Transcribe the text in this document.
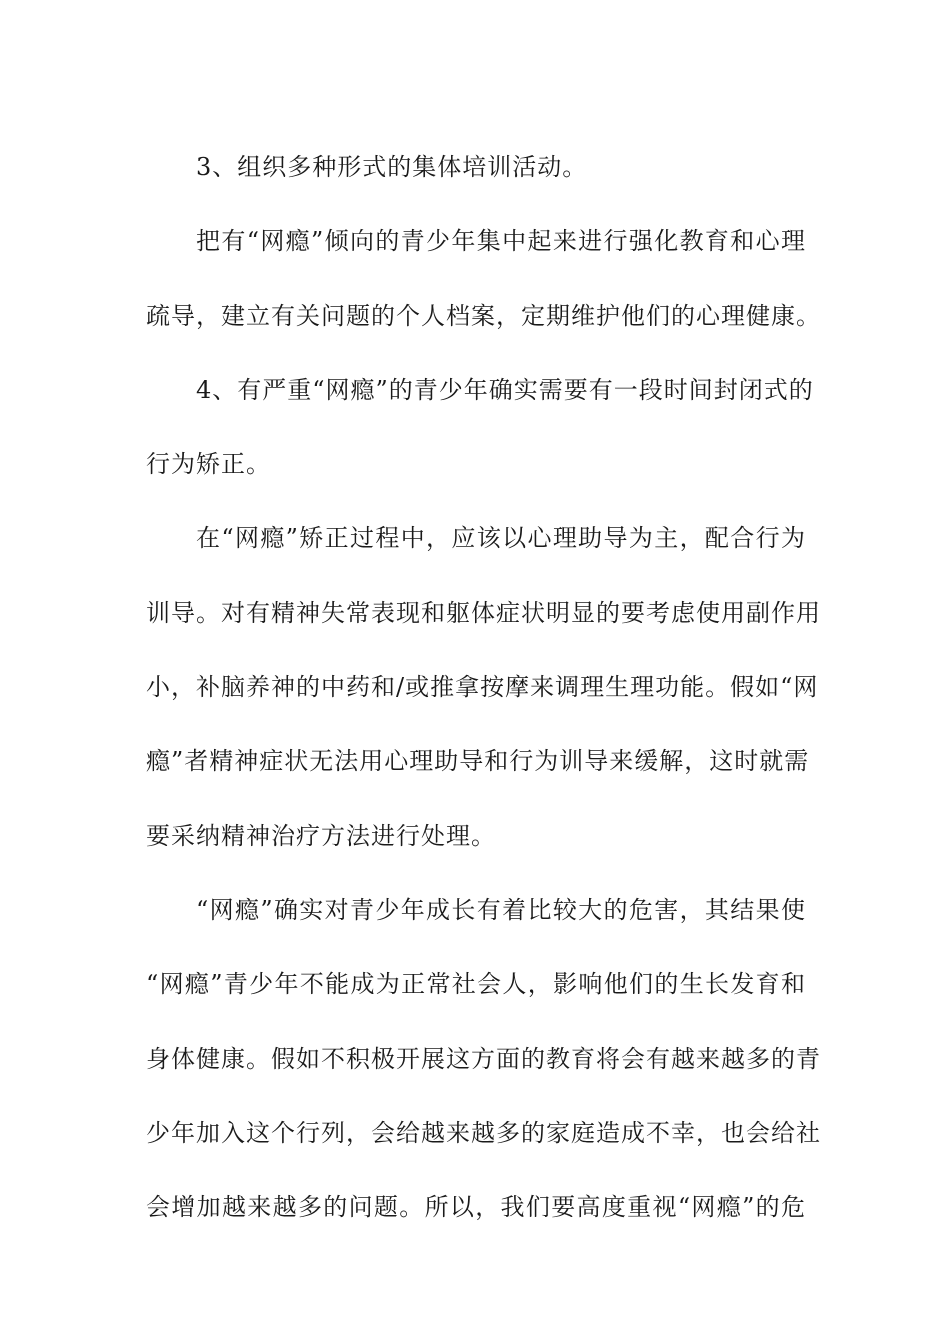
3、组织多种形式的集体培训活动。

把有“网瘾”倾向的青少年集中起来进行强化教育和心理
疏导，建立有关问题的个人档案，定期维护他们的心理健康。

4、有严重“网瘾”的青少年确实需要有一段时间封闭式的
行为矫正。

在“网瘾”矫正过程中，应该以心理助导为主，配合行为
训导。对有精神失常表现和躯体症状明显的要考虑使用副作用
小，补脑养神的中药和/或推拿按摩来调理生理功能。假如“网
瘾”者精神症状无法用心理助导和行为训导来缓解，这时就需
要采纳精神治疗方法进行处理。

“网瘾”确实对青少年成长有着比较大的危害，其结果使
“网瘾”青少年不能成为正常社会人，影响他们的生长发育和
身体健康。假如不积极开展这方面的教育将会有越来越多的青
少年加入这个行列，会给越来越多的家庭造成不幸，也会给社
会增加越来越多的问题。所以，我们要高度重视“网瘾”的危
